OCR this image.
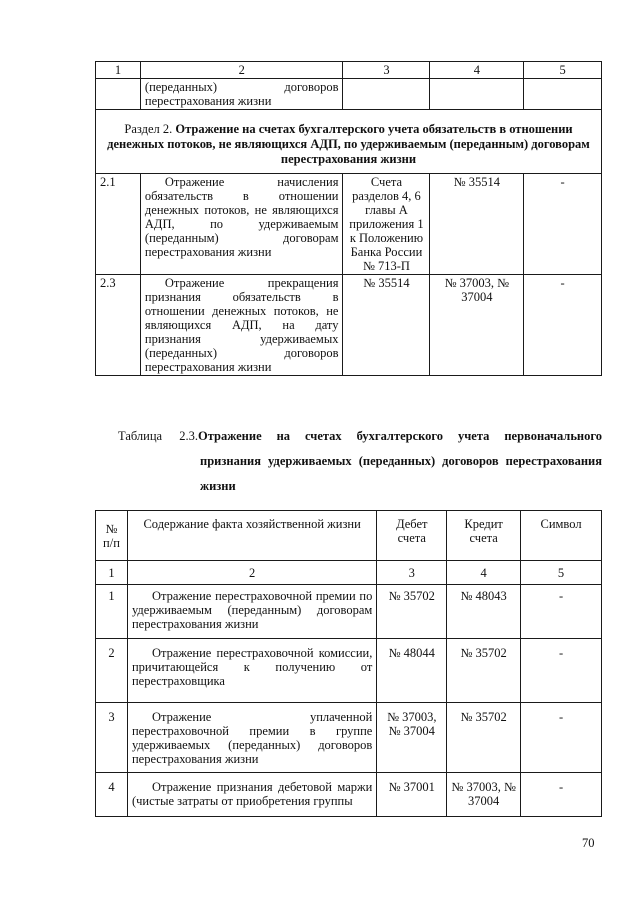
1	2	3	4	5
	(переданных) договоров перестрахования жизни			
Раздел 2. Отражение на счетах бухгалтерского учета обязательств в отношении денежных потоков, не являющихся АДП, по удерживаемым (переданным) договорам перестрахования жизни				
2.1	Отражение начисления обязательств в отношении денежных потоков, не являющихся АДП, по удерживаемым (переданным) договорам перестрахования жизни	Счета разделов 4, 6 главы А приложения 1 к Положению Банка России № 713-П	№ 35514	-
2.3	Отражение прекращения признания обязательств в отношении денежных потоков, не являющихся АДП, на дату признания удерживаемых (переданных) договоров перестрахования жизни	№ 35514	№ 37003, № 37004	-
Таблица 2.3.Отражение на счетах бухгалтерского учета первоначального
признания удерживаемых (переданных) договоров перестрахования
жизни
№ п/п	Содержание факта хозяйственной жизни	Дебет счета	Кредит счета	Символ
1	2	3	4	5
1	Отражение перестраховочной премии по удерживаемым (переданным) договорам перестрахования жизни	№ 35702	№ 48043	-
2	Отражение перестраховочной комиссии, причитающейся к получению от перестраховщика	№ 48044	№ 35702	-
3	Отражение уплаченной перестраховочной премии в группе удерживаемых (переданных) договоров перестрахования жизни	№ 37003, № 37004	№ 35702	-
4	Отражение признания дебетовой маржи (чистые затраты от приобретения группы	№ 37001	№ 37003, № 37004	-
70
